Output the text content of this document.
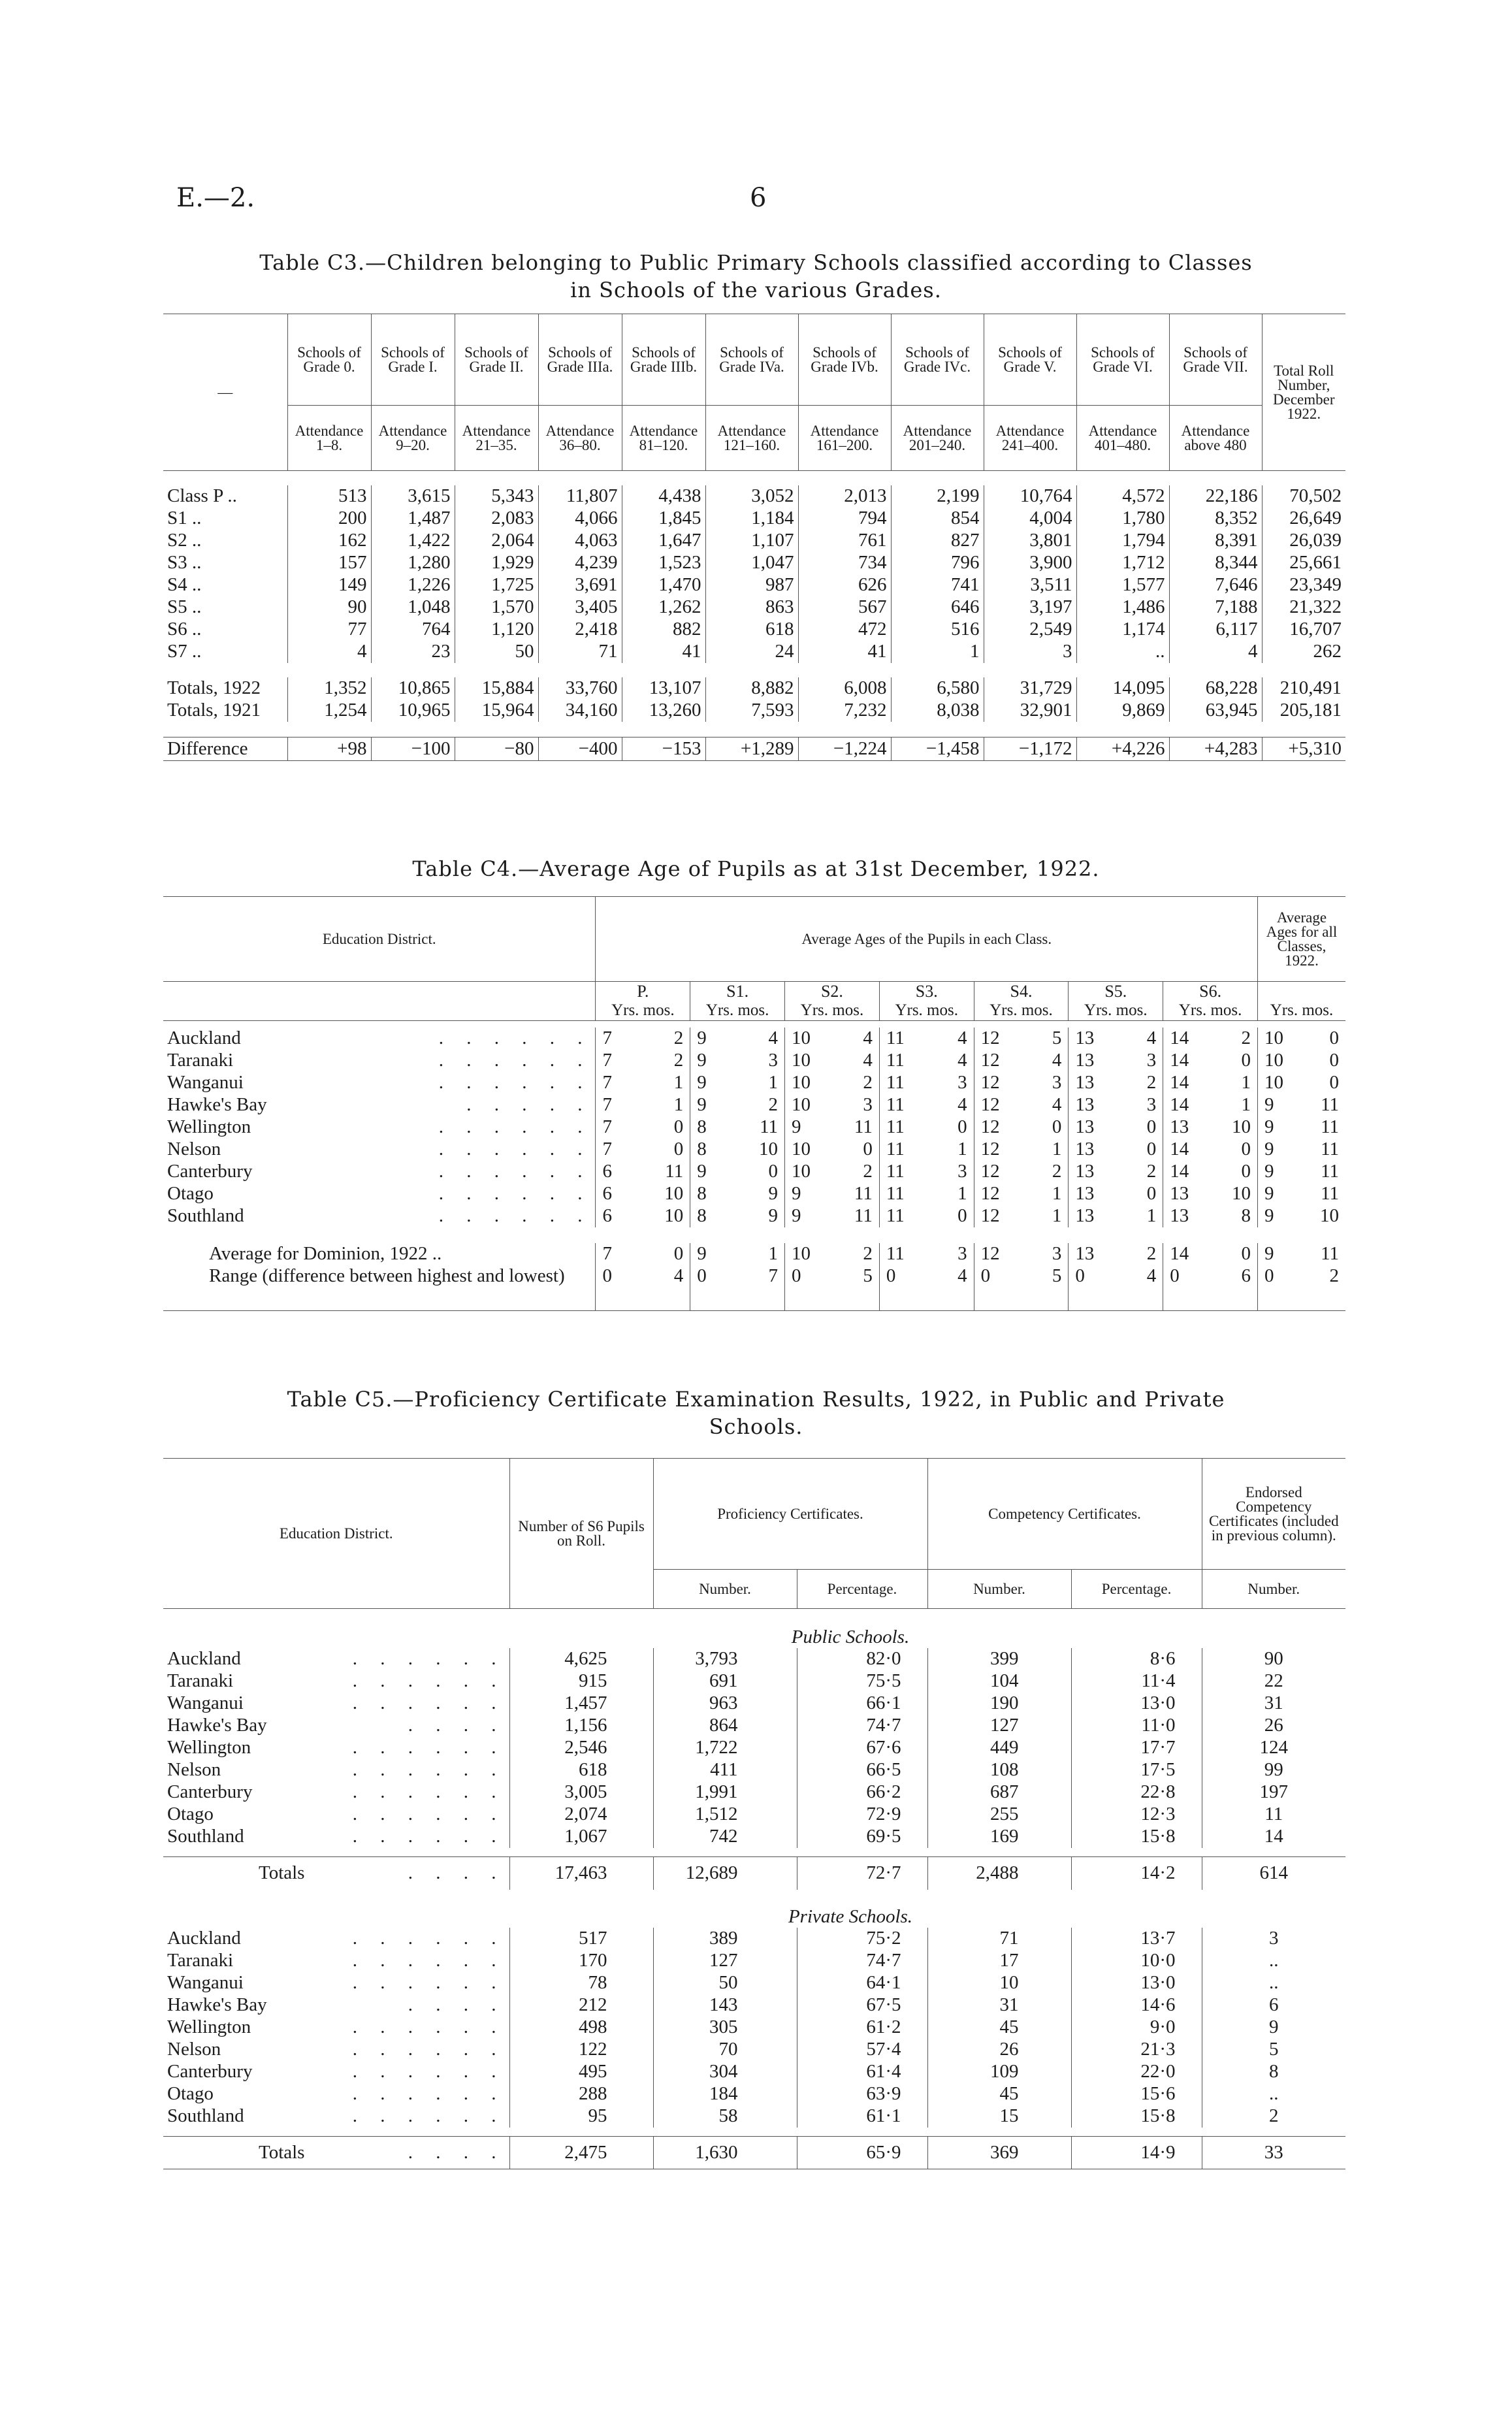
E.—2.	6
Table C3.—Children belonging to Public Primary Schools classified according to Classes
in Schools of the various Grades.
—	Schools of Grade 0.	Schools of Grade I.	Schools of Grade II.	Schools of Grade IIIa.	Schools of Grade IIIb.	Schools of Grade IVa.	Schools of Grade IVb.	Schools of Grade IVc.	Schools of Grade V.	Schools of Grade VI.	Schools of Grade VII.	Total Roll Number, December 1922.
	Attendance 1–8.	Attendance 9–20.	Attendance 21–35.	Attendance 36–80.	Attendance 81–120.	Attendance 121–160.	Attendance 161–200.	Attendance 201–240.	Attendance 241–400.	Attendance 401–480.	Attendance above 480	

Class P ..	513	3,615	5,343	11,807	4,438	3,052	2,013	2,199	10,764	4,572	22,186	70,502
S1 ..	200	1,487	2,083	4,066	1,845	1,184	794	854	4,004	1,780	8,352	26,649
S2 ..	162	1,422	2,064	4,063	1,647	1,107	761	827	3,801	1,794	8,391	26,039
S3 ..	157	1,280	1,929	4,239	1,523	1,047	734	796	3,900	1,712	8,344	25,661
S4 ..	149	1,226	1,725	3,691	1,470	987	626	741	3,511	1,577	7,646	23,349
S5 ..	90	1,048	1,570	3,405	1,262	863	567	646	3,197	1,486	7,188	21,322
S6 ..	77	764	1,120	2,418	882	618	472	516	2,549	1,174	6,117	16,707
S7 ..	4	23	50	71	41	24	41	1	3	..	4	262

Totals, 1922	1,352	10,865	15,884	33,760	13,107	8,882	6,008	6,580	31,729	14,095	68,228	210,491
Totals, 1921	1,254	10,965	15,964	34,160	13,260	7,593	7,232	8,038	32,901	9,869	63,945	205,181

Difference	+98	−100	−80	−400	−153	+1,289	−1,224	−1,458	−1,172	+4,226	+4,283	+5,310
Table C4.—Average Age of Pupils as at 31st December, 1922.
Education District.	Average Ages of the Pupils in each Class.							Average Ages for all Classes, 1922.
	P.	S1.	S2.	S3.	S4.	S5.	S6.	
	Yrs. mos.	Yrs. mos.	Yrs. mos.	Yrs. mos.	Yrs. mos.	Yrs. mos.	Yrs. mos.	Yrs. mos.

Auckland . . . . . .	7 2	9 4	10 4	11 4	12 5	13 4	14 2	10 0

Taranaki . . . . . .	7 2	9 3	10 4	11 4	12 4	13 3	14 0	10 0

Wanganui . . . . . .	7 1	9 1	10 2	11 3	12 3	13 2	14 1	10 0

Hawke's Bay . . . . .	7 1	9 2	10 3	11 4	12 4	13 3	14 1	9 11

Wellington . . . . . .	7 0	8 11	9 11	11 0	12 0	13 0	13 10	9 11

Nelson . . . . . .	7 0	8 10	10 0	11 1	12 1	13 0	14 0	9 11

Canterbury . . . . . .	6 11	9 0	10 2	11 3	12 2	13 2	14 0	9 11

Otago . . . . . .	6 10	8 9	9 11	11 1	12 1	13 0	13 10	9 11

Southland . . . . . .	6 10	8 9	9 11	11 0	12 1	13 1	13 8	9 10

Average for Dominion, 1922 ..	7 0	9 1	10 2	11 3	12 3	13 2	14 0	9 11

Range (difference between highest and lowest)	0 4	0 7	0 5	0 4	0 5	0 4	0 6	0 2
Table C5.—Proficiency Certificate Examination Results, 1922, in Public and Private
Schools.
Education District.	Number of S6 Pupils on Roll.	Proficiency Certificates.		Competency Certificates.		Endorsed Competency Certificates (included in previous column).
		Number.	Percentage.	Number.	Percentage.	Number.
Public Schools.						
Auckland . . . . . .	4,625	3,793	82·0	399	8·6	90
Taranaki . . . . . .	915	691	75·5	104	11·4	22
Wanganui . . . . . .	1,457	963	66·1	190	13·0	31
Hawke's Bay . . . .	1,156	864	74·7	127	11·0	26
Wellington . . . . . .	2,546	1,722	67·6	449	17·7	124
Nelson . . . . . .	618	411	66·5	108	17·5	99
Canterbury . . . . . .	3,005	1,991	66·2	687	22·8	197
Otago . . . . . .	2,074	1,512	72·9	255	12·3	11
Southland . . . . . .	1,067	742	69·5	169	15·8	14

Totals . . . .	17,463	12,689	72·7	2,488	14·2	614
Private Schools.						
Auckland . . . . . .	517	389	75·2	71	13·7	3
Taranaki . . . . . .	170	127	74·7	17	10·0	..
Wanganui . . . . . .	78	50	64·1	10	13·0	..
Hawke's Bay . . . .	212	143	67·5	31	14·6	6
Wellington . . . . . .	498	305	61·2	45	9·0	9
Nelson . . . . . .	122	70	57·4	26	21·3	5
Canterbury . . . . . .	495	304	61·4	109	22·0	8
Otago . . . . . .	288	184	63·9	45	15·6	..
Southland . . . . . .	95	58	61·1	15	15·8	2

Totals . . . .	2,475	1,630	65·9	369	14·9	33
